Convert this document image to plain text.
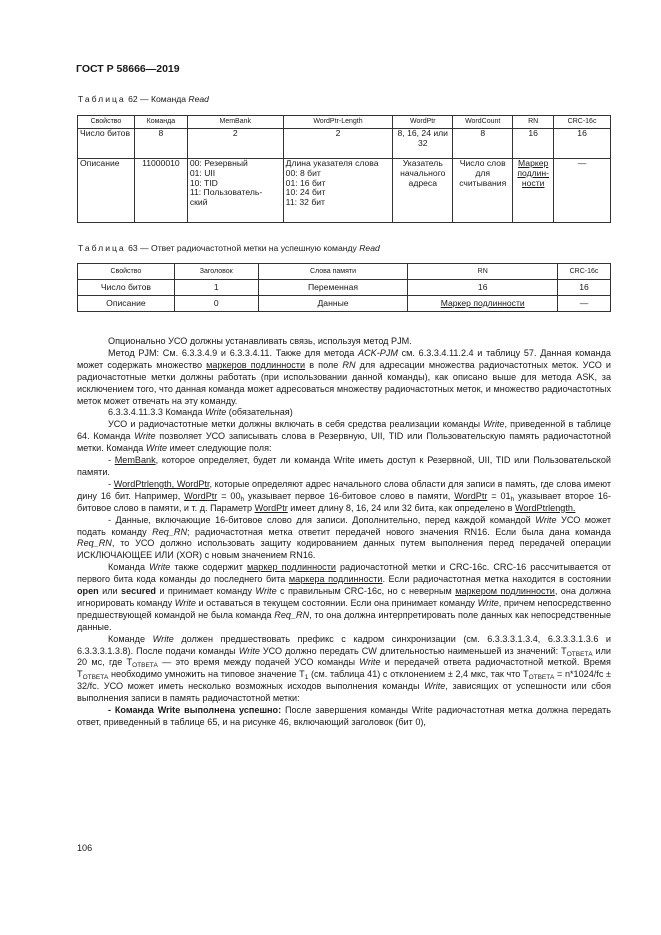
ГОСТ Р 58666—2019
Таблица 62 — Команда Read
Свойство	Команда	MemBank	WordPtr-Length	WordPtr	WordCount	RN	CRC-16c
Число битов	8	2	2	8, 16, 24 или 32	8	16	16
Описание	11000010	00: Резервный
01: UII
10: TID
11: Пользователь-
ский	Длина указателя слова
00: 8 бит
01: 16 бит
10: 24 бит
11: 32 бит	Указатель начального адреса	Число слов для считывания	Маркер подлин-ности	—
Таблица 63 — Ответ радиочастотной метки на успешную команду Read
Свойство	Заголовок	Слова памяти	RN	CRC-16c
Число битов	1	Переменная	16	16
Описание	0	Данные	Маркер подлинности	—

Опционально УСО должны устанавливать связь, используя метод PJM.

Метод PJM: См. 6.3.3.4.9 и 6.3.3.4.11. Также для метода ACK-PJM см. 6.3.3.4.11.2.4 и таблицу 57. Данная команда может содержать множество маркеров подлинности в поле RN для адресации множества радиочастотных меток. УСО и радиочастотные метки должны работать (при использовании данной команды), как описано выше для метода ASK, за исключением того, что данная команда может адресоваться множеству радиочастотных меток, и множество радиочастотных меток может отвечать на эту команду.

6.3.3.4.11.3.3 Команда Write (обязательная)

УСО и радиочастотные метки должны включать в себя средства реализации команды Write, приведенной в таблице 64. Команда Write позволяет УСО записывать слова в Резервную, UII, TID или Пользовательскую память радиочастотной метки. Команда Write имеет следующие поля:

- MemBank, которое определяет, будет ли команда Write иметь доступ к Резервной, UII, TID или Пользовательской памяти.

- WordPtrlength, WordPtr, которые определяют адрес начального слова области для записи в память, где слова имеют дину 16 бит. Например, WordPtr = $00_h$ указывает первое 16-битовое слово в памяти, WordPtr = $01_h$ указывает второе 16-битовое слово в памяти, и т. д. Параметр WordPtr имеет длину 8, 16, 24 или 32 бита, как определено в WordPtrlength.

- Данные, включающие 16-битовое слово для записи. Дополнительно, перед каждой командой Write УСО может подать команду Req_RN; радиочастотная метка ответит передачей нового значения RN16. Если была дана команда Req_RN, то УСО должно использовать защиту кодированием данных путем выполнения перед передачей операции ИСКЛЮЧАЮЩЕЕ ИЛИ (XOR) с новым значением RN16.

Команда Write также содержит маркер подлинности радиочастотной метки и CRC-16c. CRC-16 рассчитывается от первого бита кода команды до последнего бита маркера подлинности. Если радиочастотная метка находится в состоянии open или secured и принимает команду Write с правильным CRC-16c, но с неверным маркером подлинности, она должна игнорировать команду Write и оставаться в текущем состоянии. Если она принимает команду Write, причем непосредственно предшествующей командой не была команда Req_RN, то она должна интерпретировать поле данных как непосредственные данные.

Команде Write должен предшествовать префикс с кадром синхронизации (см. 6.3.3.3.1.3.4, 6.3.3.3.1.3.6 и 6.3.3.3.1.3.8). После подачи команды Write УСО должно передать CW длительностью наименьшей из значений: $T_{ОТВЕТА}$ или 20 мс, где $T_{ОТВЕТА}$ — это время между подачей УСО команды Write и передачей ответа радиочастотной меткой. Время $T_{ОТВЕТА}$ необходимо умножить на типовое значение $T_1$ (см. таблица 41) с отклонением ± 2,4 мкс, так что $T_{ОТВЕТА} = n*1024/fc \pm 32/fc$. УСО может иметь несколько возможных исходов выполнения команды Write, зависящих от успешности или сбоя выполнения записи в память радиочастотной метки:

- Команда Write выполнена успешно: После завершения команды Write радиочастотная метка должна передать ответ, приведенный в таблице 65, и на рисунке 46, включающий заголовок (бит 0),

106
